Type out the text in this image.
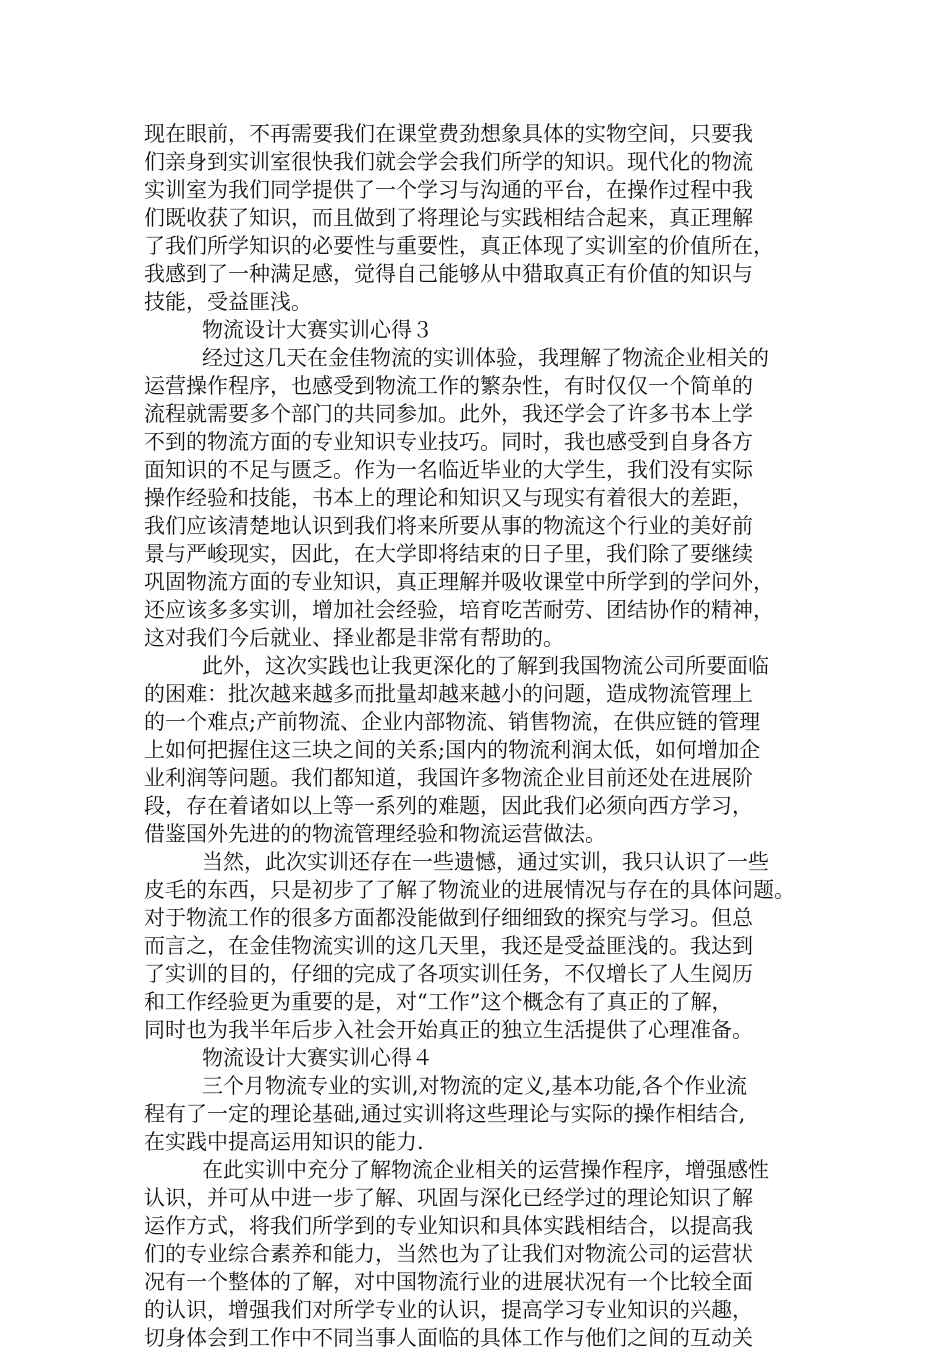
现在眼前，不再需要我们在课堂费劲想象具体的实物空间，只要我
们亲身到实训室很快我们就会学会我们所学的知识。现代化的物流
实训室为我们同学提供了一个学习与沟通的平台，在操作过程中我
们既收获了知识，而且做到了将理论与实践相结合起来，真正理解
了我们所学知识的必要性与重要性，真正体现了实训室的价值所在，
我感到了一种满足感，觉得自己能够从中猎取真正有价值的知识与
技能，受益匪浅。
物流设计大赛实训心得３
经过这几天在金佳物流的实训体验，我理解了物流企业相关的
运营操作程序，也感受到物流工作的繁杂性，有时仅仅一个简单的
流程就需要多个部门的共同参加。此外，我还学会了许多书本上学
不到的物流方面的专业知识专业技巧。同时，我也感受到自身各方
面知识的不足与匮乏。作为一名临近毕业的大学生，我们没有实际
操作经验和技能，书本上的理论和知识又与现实有着很大的差距，
我们应该清楚地认识到我们将来所要从事的物流这个行业的美好前
景与严峻现实，因此，在大学即将结束的日子里，我们除了要继续
巩固物流方面的专业知识，真正理解并吸收课堂中所学到的学问外，
还应该多多实训，增加社会经验，培育吃苦耐劳、团结协作的精神，
这对我们今后就业、择业都是非常有帮助的。
此外，这次实践也让我更深化的了解到我国物流公司所要面临
的困难：批次越来越多而批量却越来越小的问题，造成物流管理上
的一个难点;产前物流、企业内部物流、销售物流，在供应链的管理
上如何把握住这三块之间的关系;国内的物流利润太低，如何增加企
业利润等问题。我们都知道，我国许多物流企业目前还处在进展阶
段，存在着诸如以上等一系列的难题，因此我们必须向西方学习，
借鉴国外先进的的物流管理经验和物流运营做法。
当然，此次实训还存在一些遗憾，通过实训，我只认识了一些
皮毛的东西，只是初步了了解了物流业的进展情况与存在的具体问题。
对于物流工作的很多方面都没能做到仔细细致的探究与学习。但总
而言之，在金佳物流实训的这几天里，我还是受益匪浅的。我达到
了实训的目的，仔细的完成了各项实训任务，不仅增长了人生阅历
和工作经验更为重要的是，对“工作”这个概念有了真正的了解，
同时也为我半年后步入社会开始真正的独立生活提供了心理准备。
物流设计大赛实训心得４
三个月物流专业的实训,对物流的定义,基本功能,各个作业流
程有了一定的理论基础,通过实训将这些理论与实际的操作相结合,
在实践中提高运用知识的能力.
在此实训中充分了解物流企业相关的运营操作程序，增强感性
认识，并可从中进一步了解、巩固与深化已经学过的理论知识了解
运作方式，将我们所学到的专业知识和具体实践相结合，以提高我
们的专业综合素养和能力，当然也为了让我们对物流公司的运营状
况有一个整体的了解，对中国物流行业的进展状况有一个比较全面
的认识，增强我们对所学专业的认识，提高学习专业知识的兴趣，
切身体会到工作中不同当事人面临的具体工作与他们之间的互动关
